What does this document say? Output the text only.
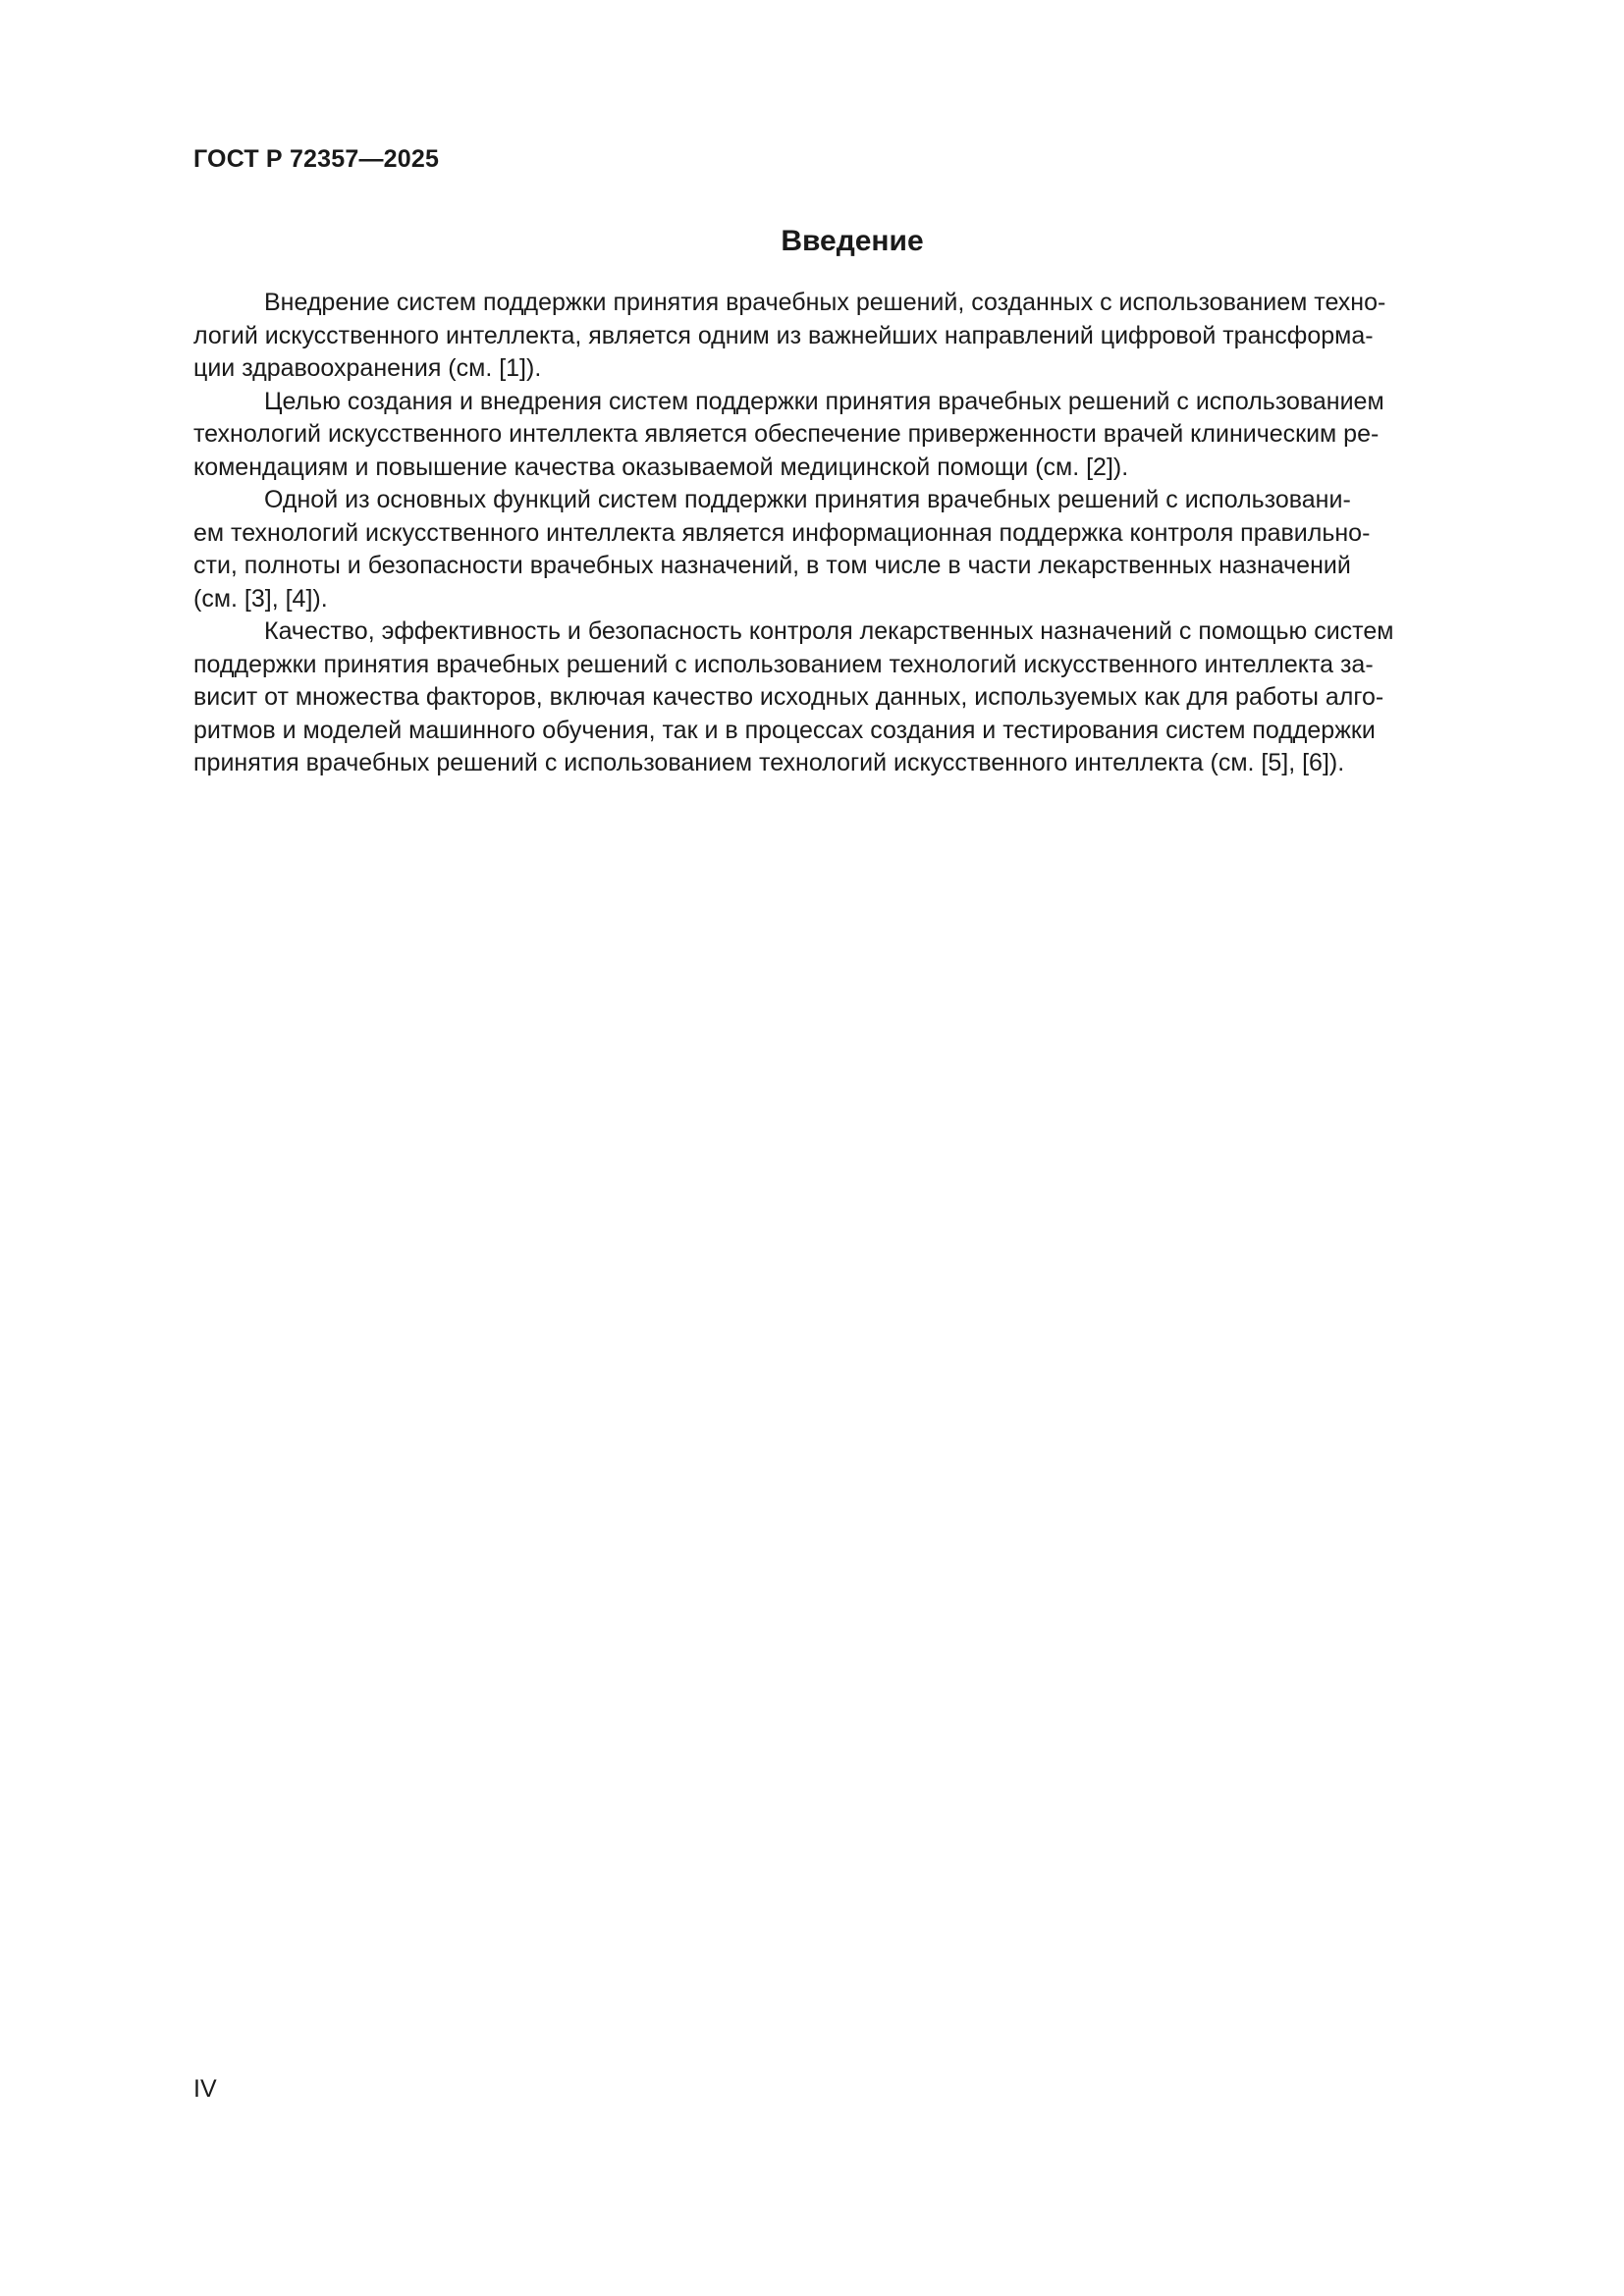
ГОСТ Р 72357—2025
Введение

Внедрение систем поддержки принятия врачебных решений, созданных с использованием техно-
логий искусственного интеллекта, является одним из важнейших направлений цифровой трансформа-
ции здравоохранения (см. [1]).

Целью создания и внедрения систем поддержки принятия врачебных решений с использованием
технологий искусственного интеллекта является обеспечение приверженности врачей клиническим ре-
комендациям и повышение качества оказываемой медицинской помощи (см. [2]).

Одной из основных функций систем поддержки принятия врачебных решений с использовани-
ем технологий искусственного интеллекта является информационная поддержка контроля правильно-
сти, полноты и безопасности врачебных назначений, в том числе в части лекарственных назначений
(см. [3], [4]).

Качество, эффективность и безопасность контроля лекарственных назначений с помощью систем
поддержки принятия врачебных решений с использованием технологий искусственного интеллекта за-
висит от множества факторов, включая качество исходных данных, используемых как для работы алго-
ритмов и моделей машинного обучения, так и в процессах создания и тестирования систем поддержки
принятия врачебных решений с использованием технологий искусственного интеллекта (см. [5], [6]).

IV
